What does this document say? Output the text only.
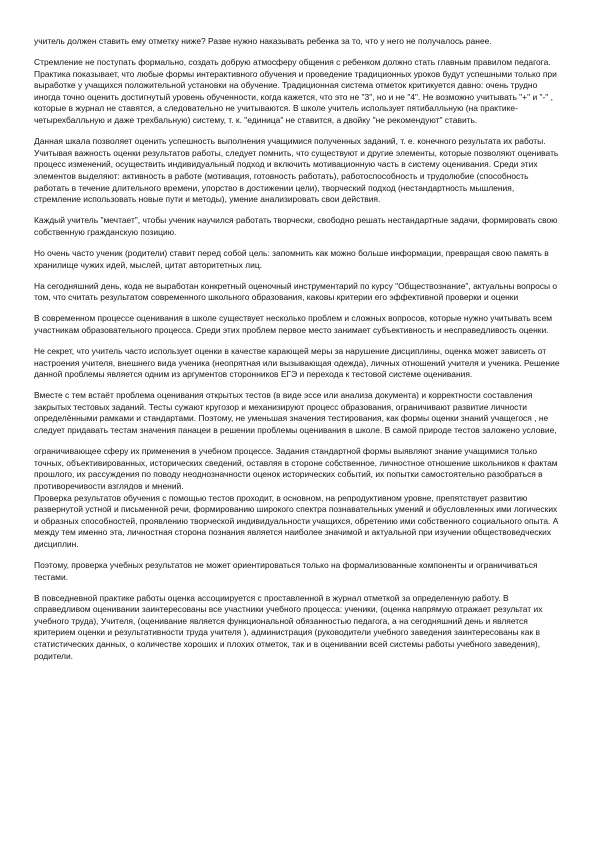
учитель должен ставить ему отметку ниже? Разве нужно наказывать ребенка за то, что у него не получалось ранее.

Стремление не поступать формально, создать добрую атмосферу общения с ребенком должно стать главным правилом педагога. Практика показывает, что любые формы интерактивного обучения и проведение традиционных уроков будут успешными только при выработке у учащихся положительной установки на обучение. Традиционная система отметок критикуется давно: очень трудно иногда точно оценить достигнутый уровень обученности, когда кажется, что это не "3", но и не "4". Не возможно учитывать "+" и "-" , которые в журнал не ставятся, а следовательно не учитываются. В школе учитель использует пятибалльную (на практике-четырехбалльную и даже трехбальную) систему, т. к. "единица" не ставится, а двойку "не рекомендуют" ставить.

Данная шкала позволяет оценить успешность выполнения учащимися полученных заданий, т. е. конечного результата их работы. Учитывая важность оценки результатов работы, следует помнить, что существуют и другие элементы, которые позволяют оценивать процесс изменений, осуществить индивидуальный подход и включить мотивационную часть в систему оценивания. Среди этих элементов выделяют: активность в работе (мотивация, готовность работать), работоспособность и трудолюбие (способность работать в течение длительного времени, упорство в достижении цели), творческий подход (нестандартность мышления, стремление использовать новые пути и методы), умение анализировать свои действия.

Каждый учитель "мечтает", чтобы ученик научился работать творчески, свободно решать нестандартные задачи, формировать свою собственную гражданскую позицию.

Но очень часто ученик (родители) ставит перед собой цель: запомнить как можно больше информации, превращая свою память в хранилище чужих идей, мыслей, цитат авторитетных лиц.

На сегодняшний день, кода не выработан конкретный оценочный инструментарий по курсу "Обществознание", актуальны вопросы о том, что считать результатом современного школьного образования, каковы критерии его эффективной проверки и оценки

В современном процессе оценивания в школе существует несколько проблем и сложных вопросов, которые нужно учитывать всем участникам образовательного процесса. Среди этих проблем первое место занимает субъективность и несправедливость оценки.

Не секрет, что учитель часто использует оценки в качестве карающей меры за нарушение дисциплины, оценка может зависеть от настроения учителя, внешнего вида ученика (неопрятная или вызывающая одежда), личных отношений учителя и ученика. Решение данной проблемы является одним из аргументов сторонников ЕГЭ и перехода к тестовой системе оценивания.

Вместе с тем встаёт проблема оценивания открытых тестов (в виде эссе или анализа документа) и корректности составления закрытых тестовых заданий. Тесты сужают кругозор и механизируют процесс образования, ограничивают развитие личности определёнными рамками и стандартами. Поэтому, не уменьшая значения тестирования, как формы оценки знаний учащегося , не следует придавать тестам значения панацеи в решении проблемы оценивания в школе. В самой природе тестов заложено условие,

ограничивающее сферу их применения в учебном процессе. Задания стандартной формы выявляют знание учащимися только точных, объективированных, исторических сведений, оставляя в стороне собственное, личностное отношение школьников к фактам прошлого, их рассуждения по поводу неоднозначности оценок исторических событий, их попытки самостоятельно разобраться в противоречивости взглядов и мнений.

Проверка результатов обучения с помощью тестов проходит, в основном, на репродуктивном уровне, препятствует развитию развернутой устной и письменной речи, формированию широкого спектра познавательных умений и обусловленных ими логических и образных способностей, проявлению творческой индивидуальности учащихся, обретению ими собственного социального опыта. А между тем именно эта, личностная сторона познания является наиболее значимой и актуальной при изучении обществоведческих дисциплин.

Поэтому, проверка учебных результатов не может ориентироваться только на формализованные компоненты и ограничиваться тестами.

В повседневной практике работы оценка ассоциируется с проставленной в журнал отметкой за определенную работу. В справедливом оценивании заинтересованы все участники учебного процесса: ученики, (оценка напрямую отражает результат их учебного труда), Учителя, (оценивание является функциональной обязанностью педагога, а на сегодняшний день и является критерием оценки и результативности труда учителя ), администрация (руководители учебного заведения заинтересованы как в статистических данных, о количестве хороших и плохих отметок, так и в оценивании всей системы работы учебного заведения), родители.
